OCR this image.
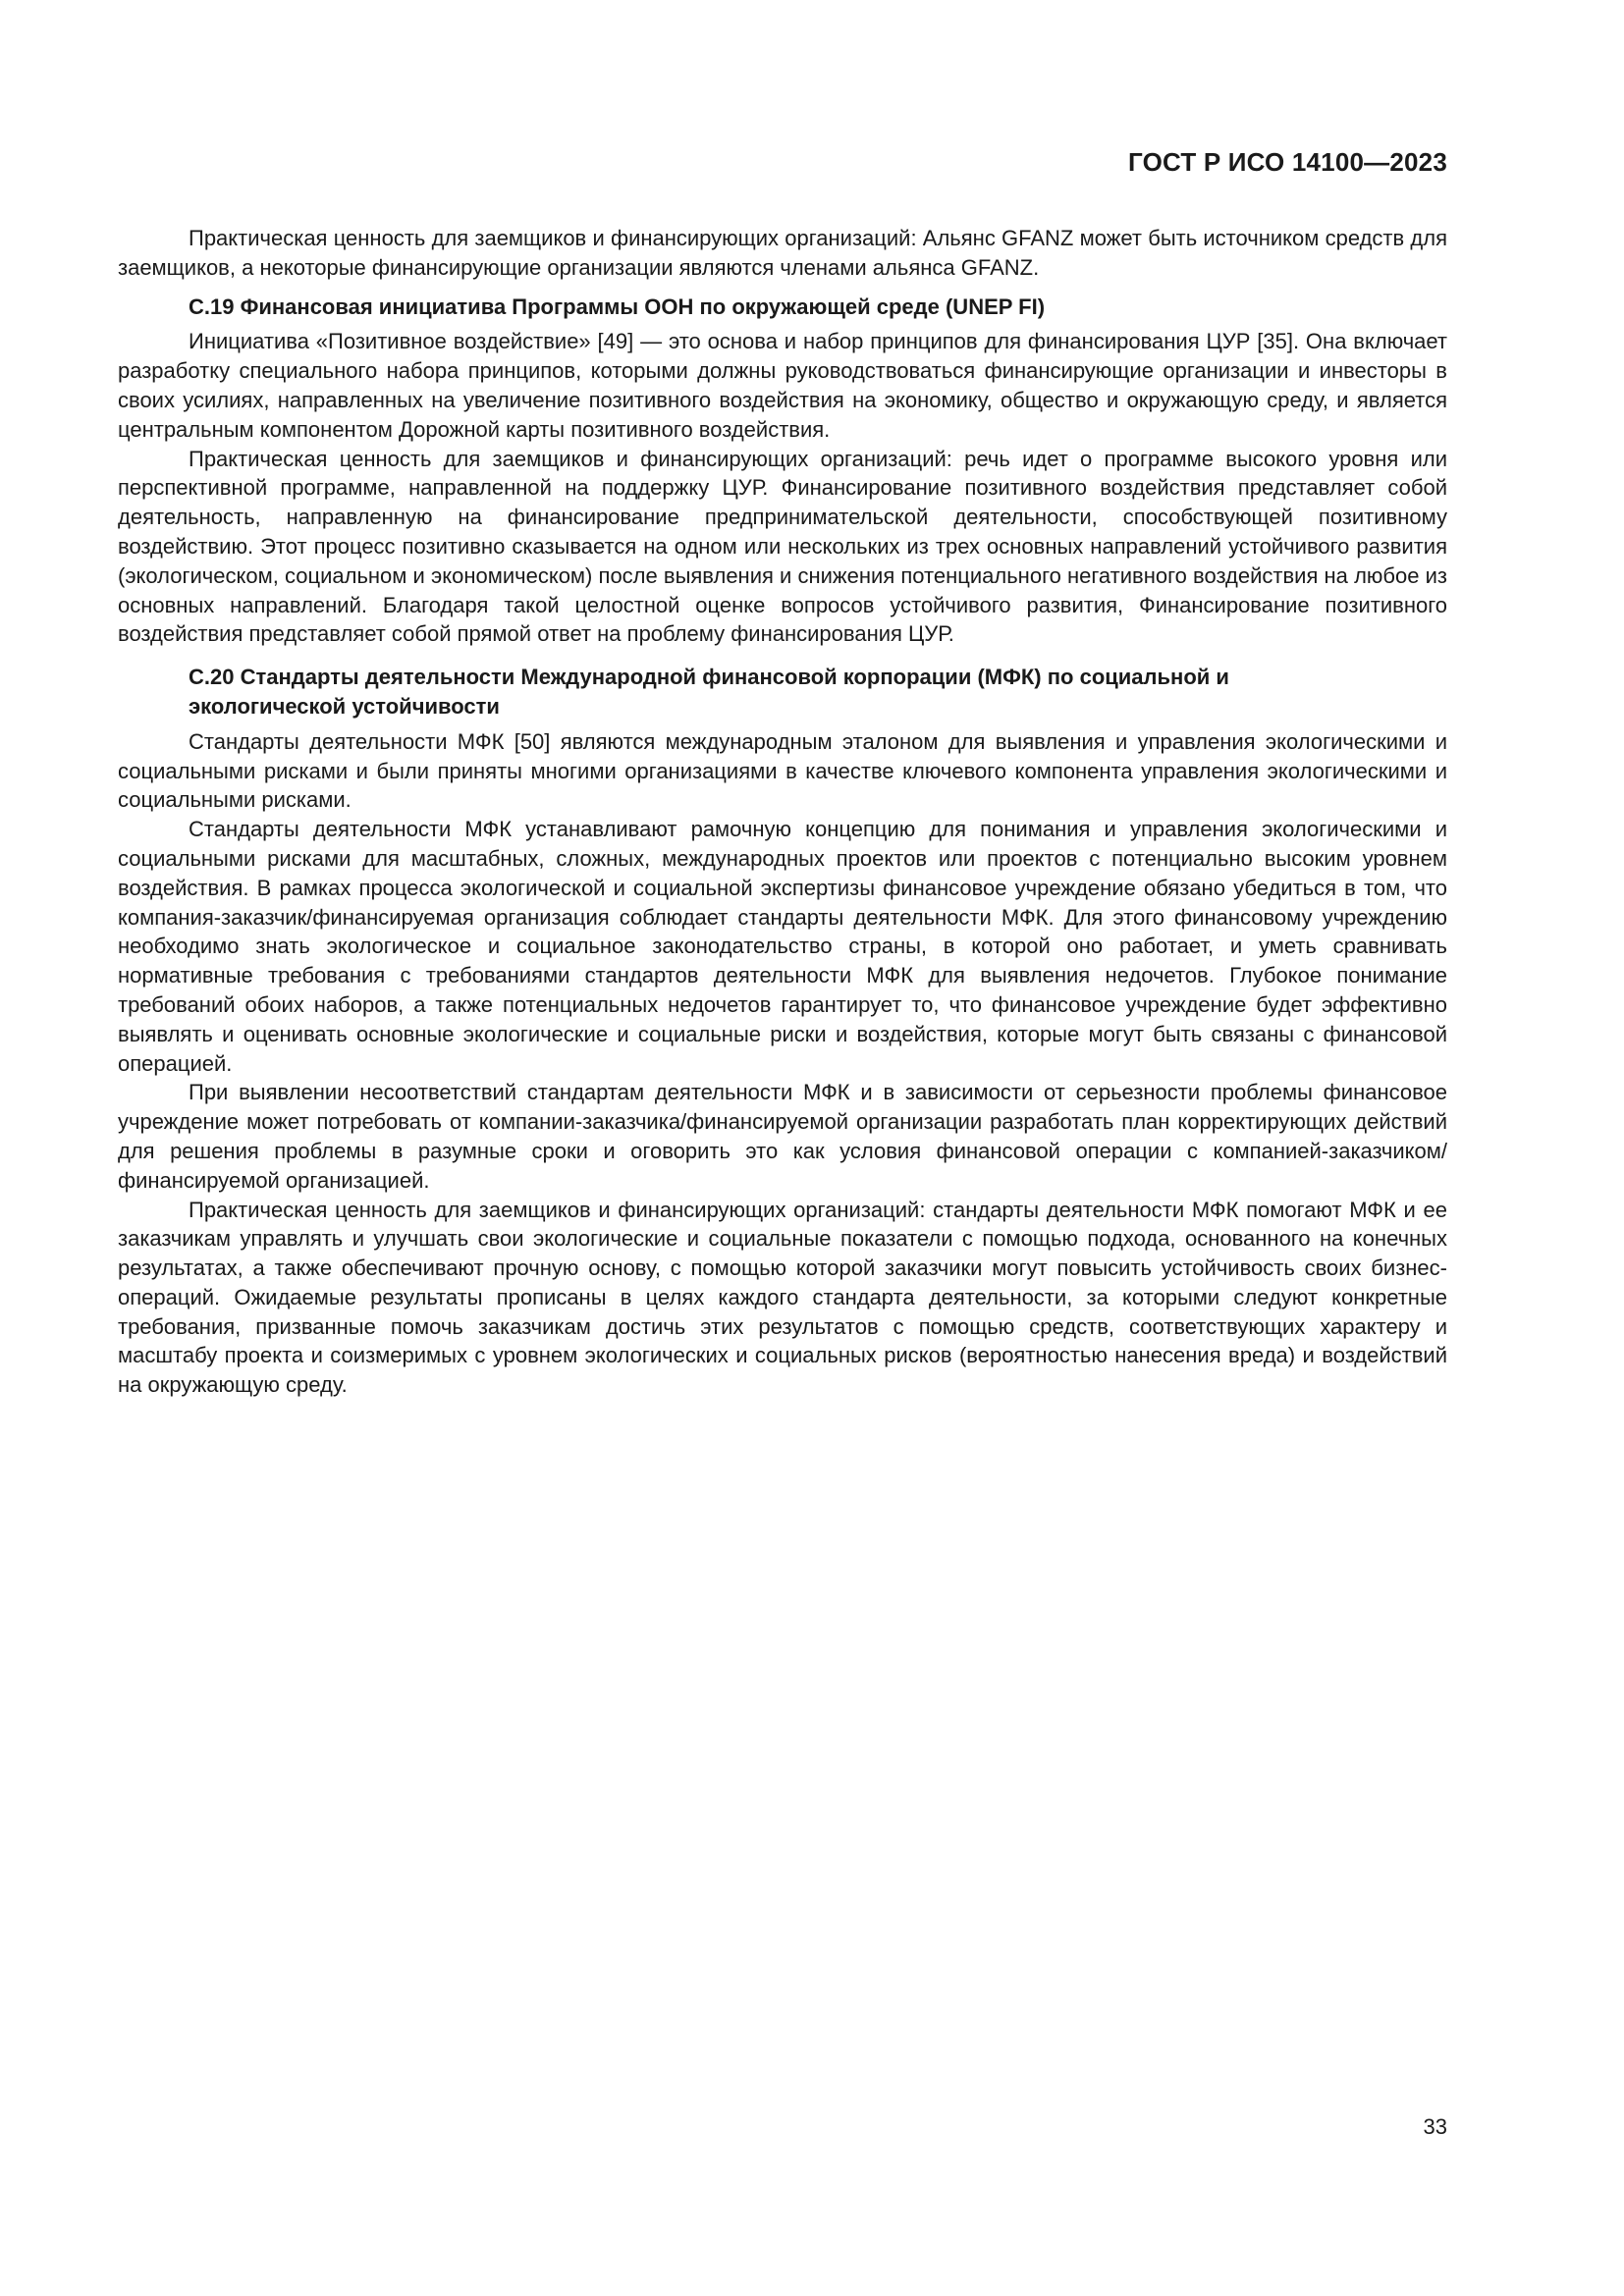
ГОСТ Р ИСО 14100—2023

Практическая ценность для заемщиков и финансирующих организаций: Альянс GFANZ может быть источником средств для заемщиков, а некоторые финансирующие организации являются членами альянса GFANZ.

С.19 Финансовая инициатива Программы ООН по окружающей среде (UNEP FI)

Инициатива «Позитивное воздействие» [49] — это основа и набор принципов для финансирования ЦУР [35]. Она включает разработку специального набора принципов, которыми должны руководствоваться финансирующие организации и инвесторы в своих усилиях, направленных на увеличение позитивного воздействия на экономику, общество и окружающую среду, и является центральным компонентом Дорожной карты позитивного воздействия.

Практическая ценность для заемщиков и финансирующих организаций: речь идет о программе высокого уровня или перспективной программе, направленной на поддержку ЦУР. Финансирование позитивного воздействия представляет собой деятельность, направленную на финансирование предпринимательской деятельности, способствующей позитивному воздействию. Этот процесс позитивно сказывается на одном или нескольких из трех основных направлений устойчивого развития (экологическом, социальном и экономическом) после выявления и снижения потенциального негативного воздействия на любое из основных направлений. Благодаря такой целостной оценке вопросов устойчивого развития, Финансирование позитивного воздействия представляет собой прямой ответ на проблему финансирования ЦУР.

С.20 Стандарты деятельности Международной финансовой корпорации (МФК) по социальной и экологической устойчивости

Стандарты деятельности МФК [50] являются международным эталоном для выявления и управления экологическими и социальными рисками и были приняты многими организациями в качестве ключевого компонента управления экологическими и социальными рисками.

Стандарты деятельности МФК устанавливают рамочную концепцию для понимания и управления экологическими и социальными рисками для масштабных, сложных, международных проектов или проектов с потенциально высоким уровнем воздействия. В рамках процесса экологической и социальной экспертизы финансовое учреждение обязано убедиться в том, что компания-заказчик/финансируемая организация соблюдает стандарты деятельности МФК. Для этого финансовому учреждению необходимо знать экологическое и социальное законодательство страны, в которой оно работает, и уметь сравнивать нормативные требования с требованиями стандартов деятельности МФК для выявления недочетов. Глубокое понимание требований обоих наборов, а также потенциальных недочетов гарантирует то, что финансовое учреждение будет эффективно выявлять и оценивать основные экологические и социальные риски и воздействия, которые могут быть связаны с финансовой операцией.

При выявлении несоответствий стандартам деятельности МФК и в зависимости от серьезности проблемы финансовое учреждение может потребовать от компании-заказчика/финансируемой организации разработать план корректирующих действий для решения проблемы в разумные сроки и оговорить это как условия финансовой операции с компанией-заказчиком/финансируемой организацией.

Практическая ценность для заемщиков и финансирующих организаций: стандарты деятельности МФК помогают МФК и ее заказчикам управлять и улучшать свои экологические и социальные показатели с помощью подхода, основанного на конечных результатах, а также обеспечивают прочную основу, с помощью которой заказчики могут повысить устойчивость своих бизнес-операций. Ожидаемые результаты прописаны в целях каждого стандарта деятельности, за которыми следуют конкретные требования, призванные помочь заказчикам достичь этих результатов с помощью средств, соответствующих характеру и масштабу проекта и соизмеримых с уровнем экологических и социальных рисков (вероятностью нанесения вреда) и воздействий на окружающую среду.

33
